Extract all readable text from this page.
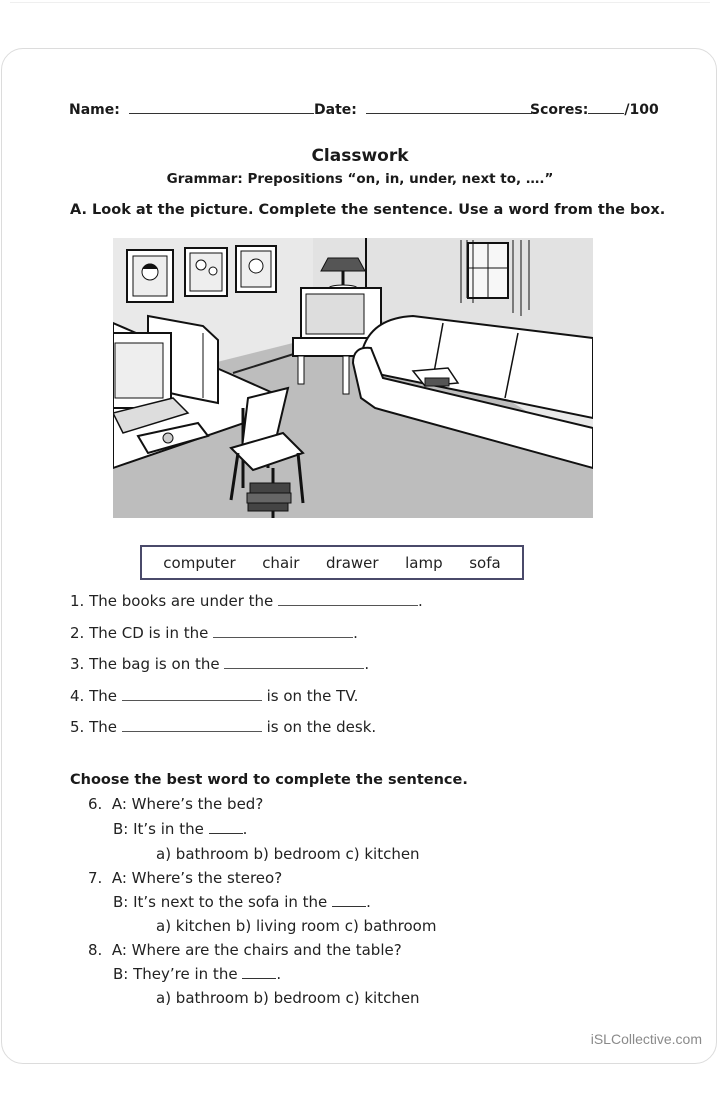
Name:	Date:	Scores:	/100
Classwork
Grammar: Prepositions “on, in, under, next to, ….”
A. Look at the picture. Complete the sentence. Use a word from the box.
computer chair drawer lamp sofa
1. The books are under the	.
2. The CD is in the	.
3. The bag is on the	.
4. The	is on the TV.
5. The	is on the desk.
Choose the best word to complete the sentence.
6. A: Where’s the bed?
B: It’s in the	.
a) bathroom b) bedroom c) kitchen
7. A: Where’s the stereo?
B: It’s next to the sofa in the	.
a) kitchen b) living room c) bathroom
8. A: Where are the chairs and the table?
B: They’re in the	.
a) bathroom b) bedroom c) kitchen
iSLCollective.com
